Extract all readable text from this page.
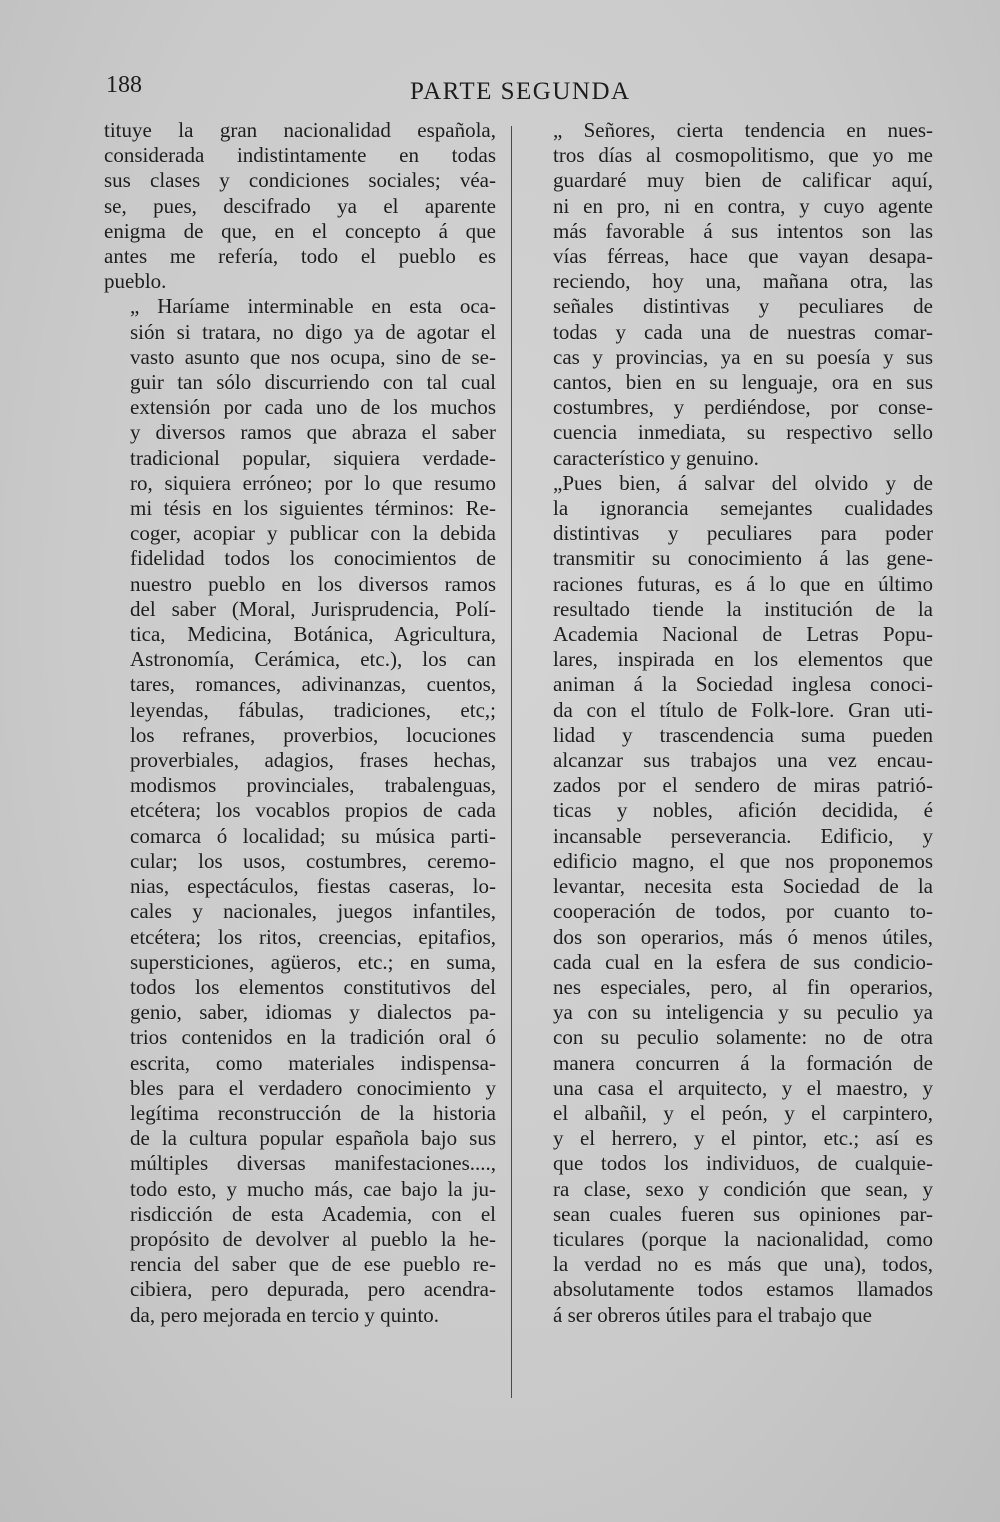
188	PARTE SEGUNDA

tituye la gran nacionalidad española,
considerada indistintamente en todas
sus clases y condiciones sociales; véa-
se, pues, descifrado ya el aparente
enigma de que, en el concepto á que
antes me refería, todo el pueblo es
pueblo.

„ Haríame interminable en esta oca-
sión si tratara, no digo ya de agotar el
vasto asunto que nos ocupa, sino de se-
guir tan sólo discurriendo con tal cual
extensión por cada uno de los muchos
y diversos ramos que abraza el saber
tradicional popular, siquiera verdade-
ro, siquiera erróneo; por lo que resumo
mi tésis en los siguientes términos: Re-
coger, acopiar y publicar con la debida
fidelidad todos los conocimientos de
nuestro pueblo en los diversos ramos
del saber (Moral, Jurisprudencia, Polí-
tica, Medicina, Botánica, Agricultura,
Astronomía, Cerámica, etc.), los can
tares, romances, adivinanzas, cuentos,
leyendas, fábulas, tradiciones, etc,;
los refranes, proverbios, locuciones
proverbiales, adagios, frases hechas,
modismos provinciales, trabalenguas,
etcétera; los vocablos propios de cada
comarca ó localidad; su música parti-
cular; los usos, costumbres, ceremo-
nias, espectáculos, fiestas caseras, lo-
cales y nacionales, juegos infantiles,
etcétera; los ritos, creencias, epitafios,
supersticiones, agüeros, etc.; en suma,
todos los elementos constitutivos del
genio, saber, idiomas y dialectos pa-
trios contenidos en la tradición oral ó
escrita, como materiales indispensa-
bles para el verdadero conocimiento y
legítima reconstrucción de la historia
de la cultura popular española bajo sus
múltiples diversas manifestaciones....,
todo esto, y mucho más, cae bajo la ju-
risdicción de esta Academia, con el
propósito de devolver al pueblo la he-
rencia del saber que de ese pueblo re-
cibiera, pero depurada, pero acendra-
da, pero mejorada en tercio y quinto.

„ Señores, cierta tendencia en nues-
tros días al cosmopolitismo, que yo me
guardaré muy bien de calificar aquí,
ni en pro, ni en contra, y cuyo agente
más favorable á sus intentos son las
vías férreas, hace que vayan desapa-
reciendo, hoy una, mañana otra, las
señales distintivas y peculiares de
todas y cada una de nuestras comar-
cas y provincias, ya en su poesía y sus
cantos, bien en su lenguaje, ora en sus
costumbres, y perdiéndose, por conse-
cuencia inmediata, su respectivo sello
característico y genuino.

„Pues bien, á salvar del olvido y de
la ignorancia semejantes cualidades
distintivas y peculiares para poder
transmitir su conocimiento á las gene-
raciones futuras, es á lo que en último
resultado tiende la institución de la
Academia Nacional de Letras Popu-
lares, inspirada en los elementos que
animan á la Sociedad inglesa conoci-
da con el título de Folk-lore. Gran uti-
lidad y trascendencia suma pueden
alcanzar sus trabajos una vez encau-
zados por el sendero de miras patrió-
ticas y nobles, afición decidida, é
incansable perseverancia. Edificio, y
edificio magno, el que nos proponemos
levantar, necesita esta Sociedad de la
cooperación de todos, por cuanto to-
dos son operarios, más ó menos útiles,
cada cual en la esfera de sus condicio-
nes especiales, pero, al fin operarios,
ya con su inteligencia y su peculio ya
con su peculio solamente: no de otra
manera concurren á la formación de
una casa el arquitecto, y el maestro, y
el albañil, y el peón, y el carpintero,
y el herrero, y el pintor, etc.; así es
que todos los individuos, de cualquie-
ra clase, sexo y condición que sean, y
sean cuales fueren sus opiniones par-
ticulares (porque la nacionalidad, como
la verdad no es más que una), todos,
absolutamente todos estamos llamados
á ser obreros útiles para el trabajo que
